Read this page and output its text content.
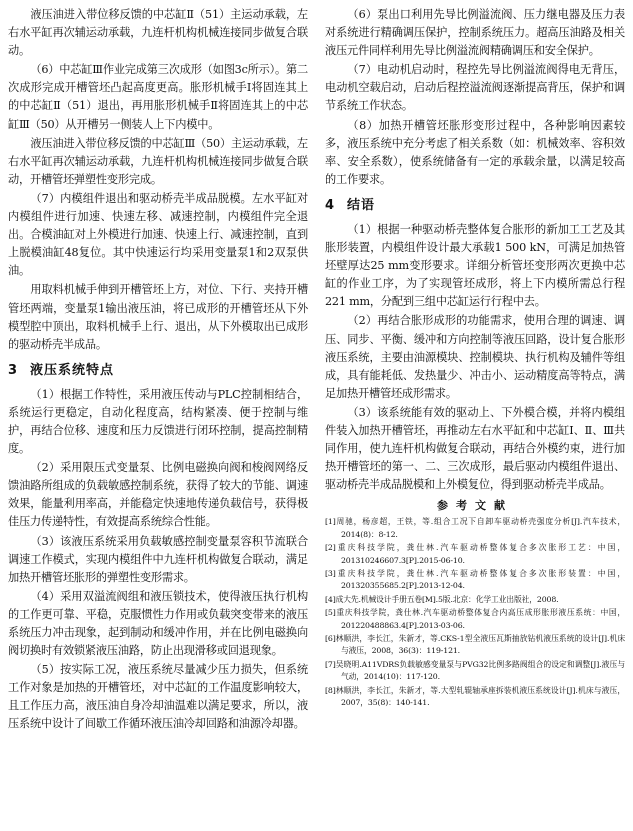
液压油进入带位移反馈的中芯缸Ⅱ（51）主运动承载，左右水平缸再次辅运动承载，九连杆机构机械连接同步做复合联动。

（6）中芯缸Ⅲ作业完成第三次成形（如图3c所示）。第二次成形完成开槽管坯凸起高度更高。胀形机械手Ⅰ将固连其上的中芯缸Ⅱ（51）退出，再用胀形机械手Ⅱ将固连其上的中芯缸Ⅲ（50）从开槽另一侧装人上下内模中。

液压油进入带位移反馈的中芯缸Ⅲ（50）主运动承载，左右水平缸再次辅运动承载，九连杆机构机械连接同步做复合联动，开槽管坯弹塑性变形完成。

（7）内模组件退出和驱动桥壳半成品脱模。左水平缸对内模组件进行加速、快速左移、减速控制，内模组件完全退出。合模油缸对上外模进行加速、快速上行、减速控制，直到上脱模油缸48复位。其中快速运行均采用变量泵1和2双泵供油。

用取料机械手伸到开槽管坯上方，对位、下行、夹持开槽管坯两端，变量泵1输出液压油，将已成形的开槽管坯从下外模型腔中顶出，取料机械手上行、退出，从下外模取出已成形的驱动桥壳半成品。

3 液压系统特点

（1）根据工作特性，采用液压传动与PLC控制相结合，系统运行更稳定，自动化程度高，结构紧凑、便于控制与维护，再结合位移、速度和压力反馈进行闭环控制，提高控制精度。

（2）采用限压式变量泵、比例电磁换向阀和梭阀网络反馈油路所组成的负载敏感控制系统，获得了较大的节能、调速效果，能量利用率高，并能稳定快速地传递负载信号，获得极佳压力传递特性，有效提高系统综合性能。

（3）该液压系统采用负载敏感控制变量泵容积节流联合调速工作模式，实现内模组件中九连杆机构做复合联动，满足加热开槽管坯胀形的弹塑性变形需求。

（4）采用双溢流阀组和液压锁技术，使得液压执行机构的工作更可靠、平稳，克服惯性力作用或负载突变带来的液压系统压力冲击现象，起到制动和缓冲作用，并在比例电磁换向阀切换时有效锁紧液压油路，防止出现滑移或回退现象。

（5）按实际工况，液压系统尽量减少压力损失，但系统工作对象是加热的开槽管坯，对中芯缸的工作温度影响较大，且工作压力高，液压油自身冷却油温难以满足要求，所以，液压系统中设计了间歇工作循环液压油冷却回路和油源冷却器。

（6）泵出口利用先导比例溢流阀、压力继电器及压力表对系统进行精确调压保护，控制系统压力。超高压油路及相关液压元件同样利用先导比例溢流阀精确调压和安全保护。

（7）电动机启动时，程控先导比例溢流阀得电无背压，电动机空载启动，启动后程控溢流阀逐渐提高背压，保护和调节系统工作状态。

（8）加热开槽管坯胀形变形过程中，各种影响因素较多，液压系统中充分考虑了相关系数（如：机械效率、容积效率、安全系数），使系统储备有一定的承载余量，以满足较高的工作要求。

4 结语

（1）根据一种驱动桥壳整体复合胀形的新加工工艺及其胀形装置，内模组件设计最大承载1 500 kN，可满足加热管坯壁厚达25 mm变形要求。详细分析管坯变形两次更换中芯缸的作业工序，为了实现管坯成形，将上下内模所需总行程221 mm，分配到三组中芯缸运行行程中去。

（2）再结合胀形成形的功能需求，使用合理的调速、调压、同步、平衡、缓冲和方向控制等液压回路，设计复合胀形液压系统，主要由油源模块、控制模块、执行机构及辅件等组成，具有能耗低、发热量少、冲击小、运动精度高等特点，满足加热开槽管坯成形需求。

（3）该系统能有效的驱动上、下外模合模，并将内模组件装入加热开槽管坯，再推动左右水平缸和中芯缸Ⅰ、Ⅱ、Ⅲ共同作用，使九连杆机构做复合联动，再结合外模约束，进行加热开槽管坯的第一、二、三次成形，最后驱动内模组件退出、驱动桥壳半成品脱模和上外模复位，得到驱动桥壳半成品。

参考文献
[1]周驰，杨彦超，王铁，等.组合工况下自卸车驱动桥壳强度分析[J].汽车技术，2014(8)：8-12.
[2]重庆科技学院，龚仕林.汽车驱动桥整体复合多次胀形工艺：中国，201310246607.3[P].2015-06-10.
[3]重庆科技学院，龚仕林.汽车驱动桥整体复合多次胀形装置：中国，201320355685.2[P].2013-12-04.
[4]成大先.机械设计手册五卷[M].5版.北京：化学工业出版社，2008.
[5]重庆科技学院，龚仕林.汽车驱动桥整体复合内高压成形胀形液压系统：中国，201220488863.4[P].2013-03-06.
[6]林顺洪，李长江，朱新才，等.CKS-1型全液压瓦斯抽放钻机液压系统的设计[J].机床与液压，2008，36(3)：119-121.
[7]吴晓明.A11VDRS负载敏感变量泵与PVG32比例多路阀组合的设定和调整[J].液压与气动，2014(10)：117-120.
[8]林顺洪，李长江，朱新才，等.大型轧辊轴承座拆装机液压系统设计[J].机床与液压，2007，35(8)：140-141.
